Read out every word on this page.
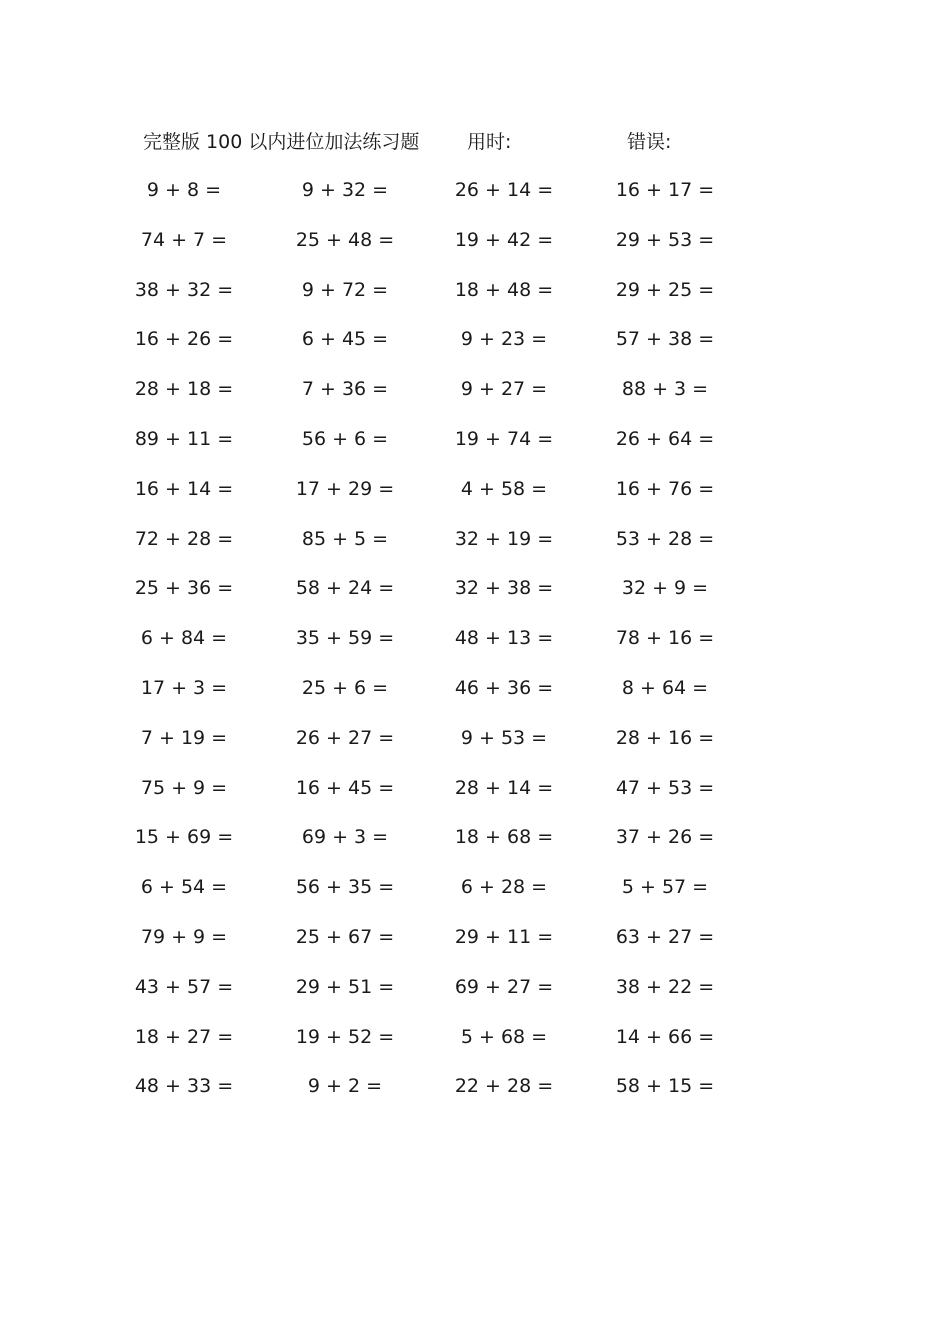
完整版 100 以内进位加法练习题	用时:	错误:
9 + 8 =	9 + 32 =	26 + 14 =	16 + 17 =
74 + 7 =	25 + 48 =	19 + 42 =	29 + 53 =
38 + 32 =	9 + 72 =	18 + 48 =	29 + 25 =
16 + 26 =	6 + 45 =	9 + 23 =	57 + 38 =
28 + 18 =	7 + 36 =	9 + 27 =	88 + 3 =
89 + 11 =	56 + 6 =	19 + 74 =	26 + 64 =
16 + 14 =	17 + 29 =	4 + 58 =	16 + 76 =
72 + 28 =	85 + 5 =	32 + 19 =	53 + 28 =
25 + 36 =	58 + 24 =	32 + 38 =	32 + 9 =
6 + 84 =	35 + 59 =	48 + 13 =	78 + 16 =
17 + 3 =	25 + 6 =	46 + 36 =	8 + 64 =
7 + 19 =	26 + 27 =	9 + 53 =	28 + 16 =
75 + 9 =	16 + 45 =	28 + 14 =	47 + 53 =
15 + 69 =	69 + 3 =	18 + 68 =	37 + 26 =
6 + 54 =	56 + 35 =	6 + 28 =	5 + 57 =
79 + 9 =	25 + 67 =	29 + 11 =	63 + 27 =
43 + 57 =	29 + 51 =	69 + 27 =	38 + 22 =
18 + 27 =	19 + 52 =	5 + 68 =	14 + 66 =
48 + 33 =	9 + 2 =	22 + 28 =	58 + 15 =
